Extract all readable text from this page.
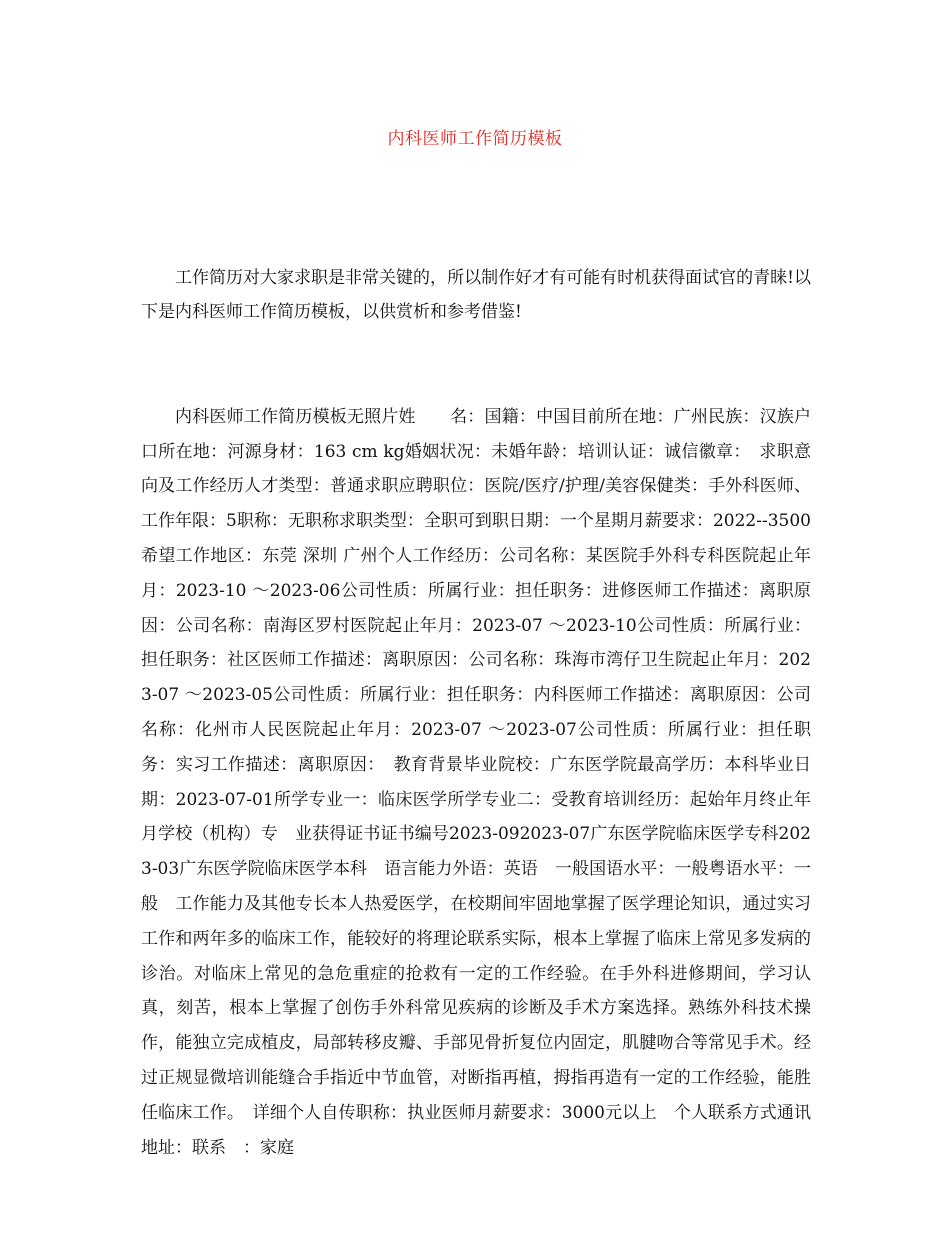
内科医师工作简历模板

工作简历对大家求职是非常关键的，所以制作好才有可能有时机获得面试官的青睐!以下是内科医师工作简历模板，以供赏析和参考借鉴!

内科医师工作简历模板无照片姓　　名：国籍：中国目前所在地：广州民族：汉族户口所在地：河源身材：163 cm kg婚姻状况：未婚年龄：培训认证：诚信徽章：　求职意向及工作经历人才类型：普通求职应聘职位：医院/医疗/护理/美容保健类：手外科医师、工作年限：5职称：无职称求职类型：全职可到职日期：一个星期月薪要求：2022--3500希望工作地区：东莞 深圳 广州个人工作经历：公司名称：某医院手外科专科医院起止年月：2023-10 ～2023-06公司性质：所属行业：担任职务：进修医师工作描述：离职原因：公司名称：南海区罗村医院起止年月：2023-07 ～2023-10公司性质：所属行业：担任职务：社区医师工作描述：离职原因：公司名称：珠海市湾仔卫生院起止年月：2023-07 ～2023-05公司性质：所属行业：担任职务：内科医师工作描述：离职原因：公司名称：化州市人民医院起止年月：2023-07 ～2023-07公司性质：所属行业：担任职务：实习工作描述：离职原因：　教育背景毕业院校：广东医学院最高学历：本科毕业日期：2023-07-01所学专业一：临床医学所学专业二：受教育培训经历：起始年月终止年月学校（机构）专　业获得证书证书编号2023-092023-07广东医学院临床医学专科2023-03广东医学院临床医学本科　语言能力外语：英语　一般国语水平：一般粤语水平：一般　工作能力及其他专长本人热爱医学，在校期间牢固地掌握了医学理论知识，通过实习工作和两年多的临床工作，能较好的将理论联系实际，根本上掌握了临床上常见多发病的诊治。对临床上常见的急危重症的抢救有一定的工作经验。在手外科进修期间，学习认真，刻苦，根本上掌握了创伤手外科常见疾病的诊断及手术方案选择。熟练外科技术操作，能独立完成植皮，局部转移皮瓣、手部见骨折复位内固定，肌腱吻合等常见手术。经过正规显微培训能缝合手指近中节血管，对断指再植，拇指再造有一定的工作经验，能胜任临床工作。　详细个人自传职称：执业医师月薪要求：3000元以上　个人联系方式通讯地址：联系　：家庭
